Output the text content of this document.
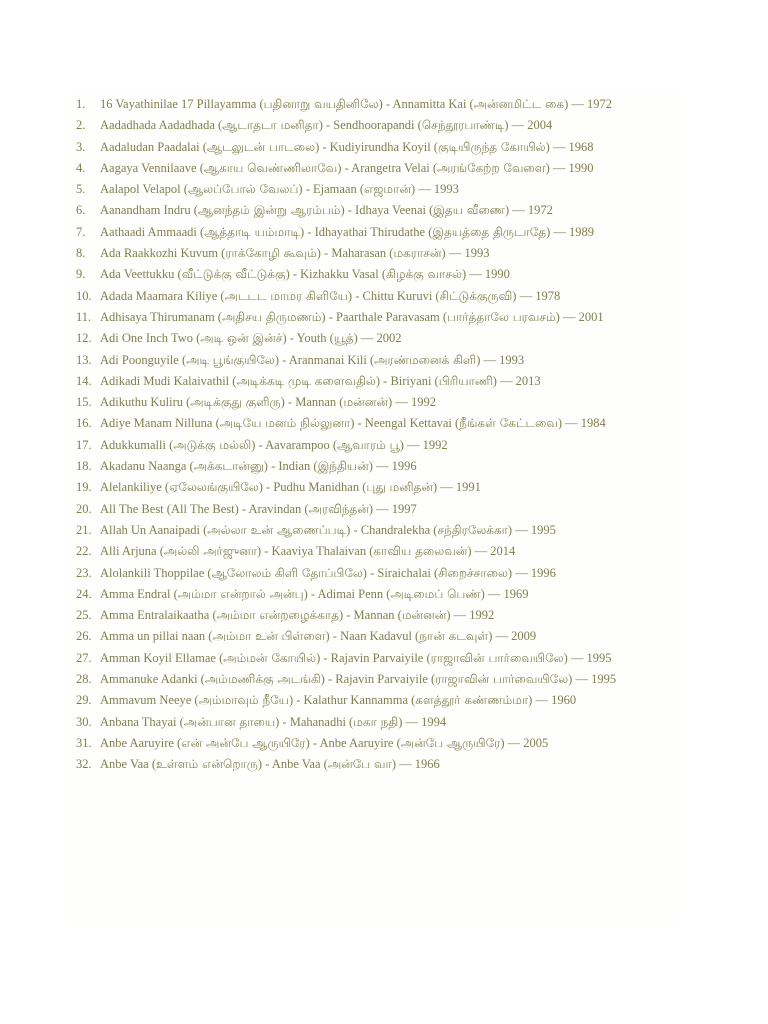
1. 16 Vayathinilae 17 Pillayamma (பதினாறு வயதினிலே) - Annamitta Kai (அன்னமிட்ட கை) — 1972
2. Aadadhada Aadadhada (ஆடாதடா மனிதா) - Sendhoorapandi (செந்தூரபாண்டி) — 2004
3. Aadaludan Paadalai (ஆடலுடன் பாடலை) - Kudiyirundha Koyil (குடியிருந்த கோயில்) — 1968
4. Aagaya Vennilaave (ஆகாய வெண்ணிலாவே) - Arangetra Velai (அரங்கேற்ற வேளை) — 1990
5. Aalapol Velapol (ஆலப்போல் வேலப்) - Ejamaan (எஜமான்) — 1993
6. Aanandham Indru (ஆனந்தம் இன்று ஆரம்பம்) - Idhaya Veenai (இதய வீணை) — 1972
7. Aathaadi Ammaadi (ஆத்தாடி யம்மாடி) - Idhayathai Thirudathe (இதயத்தை திருடாதே) — 1989
8. Ada Raakkozhi Kuvum (ராக்கோழி கூவும்) - Maharasan (மகராசன்) — 1993
9. Ada Veettukku (வீட்டுக்கு வீட்டுக்கு) - Kizhakku Vasal (கிழக்கு வாசல்) — 1990
10. Adada Maamara Kiliye (அடடட மாமர கிளியே) - Chittu Kuruvi (சிட்டுக்குருவி) — 1978
11. Adhisaya Thirumanam (அதிசய திருமணம்) - Paarthale Paravasam (பார்த்தாலே பரவசம்) — 2001
12. Adi One Inch Two (அடி ஒன் இன்ச்) - Youth (யூத்) — 2002
13. Adi Poonguyile (அடி பூங்குயிலே) - Aranmanai Kili (அரண்மனைக் கிளி) — 1993
14. Adikadi Mudi Kalaivathil (அடிக்கடி முடி களைவதில்) - Biriyani (பிரியாணி) — 2013
15. Adikuthu Kuliru (அடிக்குது குளிரு) - Mannan (மன்னன்) — 1992
16. Adiye Manam Nilluna (அடியே மனம் நில்லுனா) - Neengal Kettavai (நீங்கள் கேட்டவை) — 1984
17. Adukkumalli (அடுக்கு மல்லி) - Aavarampoo (ஆவாரம் பூ) — 1992
18. Akadanu Naanga (அக்கடான்னு) - Indian (இந்தியன்) — 1996
19. Alelankiliye (ஏலேலங்குயிலே) - Pudhu Manidhan (புது மனிதன்) — 1991
20. All The Best (All The Best) - Aravindan (அரவிந்தன்) — 1997
21. Allah Un Aanaipadi (அல்லா உன் ஆணைப்படி) - Chandralekha (சந்திரலேக்கா) — 1995
22. Alli Arjuna (அல்லி அர்ஜுனா) - Kaaviya Thalaivan (காவிய தலைவன்) — 2014
23. Alolankili Thoppilae (ஆலோலம் கிளி தோப்பிலே) - Siraichalai (சிறைச்சாலை) — 1996
24. Amma Endral (அம்மா என்றால் அன்பு) - Adimai Penn (அடிமைப் பெண்) — 1969
25. Amma Entralaikaatha (அம்மா என்றழைக்காத) - Mannan (மன்னன்) — 1992
26. Amma un pillai naan (அம்மா உன் பிள்ளை) - Naan Kadavul (நான் கடவுள்) — 2009
27. Amman Koyil Ellamae (அம்மன் கோயில்) - Rajavin Parvaiyile (ராஜாவின் பார்வையிலே) — 1995
28. Ammanuke Adanki (அம்மணிக்கு அடங்கி) - Rajavin Parvaiyile (ராஜாவின் பார்வையிலே) — 1995
29. Ammavum Neeye (அம்மாவும் நீயே) - Kalathur Kannamma (களத்தூர் கண்ணம்மா) — 1960
30. Anbana Thayai (அன்பான தாயை) - Mahanadhi (மகா நதி) — 1994
31. Anbe Aaruyire (என் அன்பே ஆருயிரே) - Anbe Aaruyire (அன்பே ஆருயிரே) — 2005
32. Anbe Vaa (உள்ளம் என்றொரு) - Anbe Vaa (அன்பே வா) — 1966
